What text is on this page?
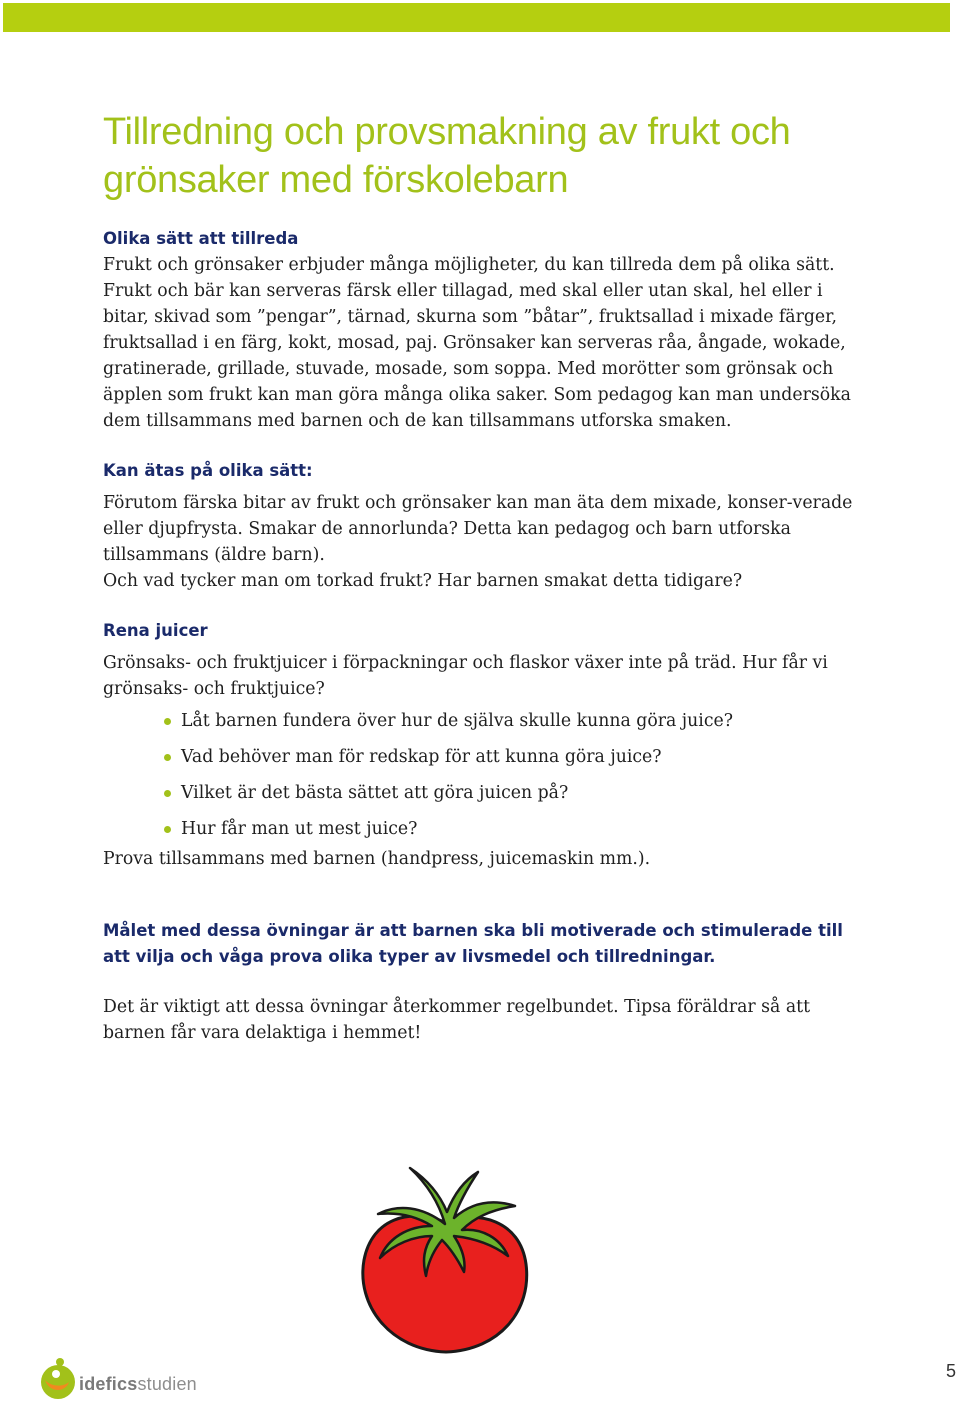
Tillredning och provsmakning av frukt och grönsaker med förskolebarn
Olika sätt att tillreda

Frukt och grönsaker erbjuder många möjligheter, du kan tillreda dem på olika sätt. Frukt och bär kan serveras färsk eller tillagad, med skal eller utan skal, hel eller i bitar, skivad som ”pengar”, tärnad, skurna som ”båtar”, fruktsallad i mixade färger, fruktsallad i en färg, kokt, mosad, paj. Grönsaker kan serveras råa, ångade, wokade, gratinerade, grillade, stuvade, mosade, som soppa. Med morötter som grönsak och äpplen som frukt kan man göra många olika saker. Som pedagog kan man undersöka dem tillsammans med barnen och de kan tillsammans utforska smaken.

Kan ätas på olika sätt:

Förutom färska bitar av frukt och grönsaker kan man äta dem mixade, konser-verade eller djupfrysta. Smakar de annorlunda? Detta kan pedagog och barn utforska tillsammans (äldre barn).

Och vad tycker man om torkad frukt? Har barnen smakat detta tidigare?

Rena juicer

Grönsaks- och fruktjuicer i förpackningar och flaskor växer inte på träd. Hur får vi grönsaks- och fruktjuice?

Låt barnen fundera över hur de själva skulle kunna göra juice?
Vad behöver man för redskap för att kunna göra juice?
Vilket är det bästa sättet att göra juicen på?
Hur får man ut mest juice?

Prova tillsammans med barnen (handpress, juicemaskin mm.).

Målet med dessa övningar är att barnen ska bli motiverade och stimulerade till att vilja och våga prova olika typer av livsmedel och tillredningar.

Det är viktigt att dessa övningar återkommer regelbundet. Tipsa föräldrar så att barnen får vara delaktiga i hemmet!

ideficsstudien
5
